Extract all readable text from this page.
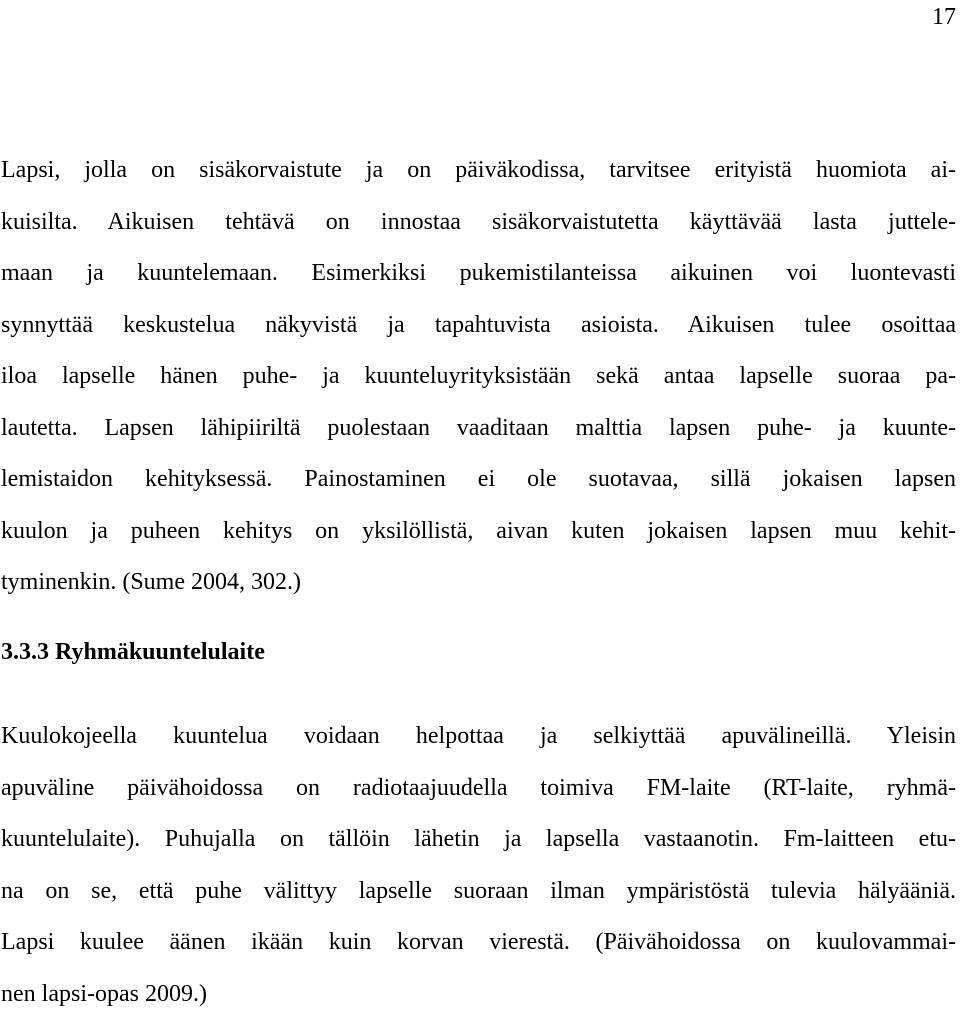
17
Lapsi, jolla on sisäkorvaistute ja on päiväkodissa, tarvitsee erityistä huomiota ai-
kuisilta. Aikuisen tehtävä on innostaa sisäkorvaistutetta käyttävää lasta juttele-
maan ja kuuntelemaan. Esimerkiksi pukemistilanteissa aikuinen voi luontevasti
synnyttää keskustelua näkyvistä ja tapahtuvista asioista. Aikuisen tulee osoittaa
iloa lapselle hänen puhe- ja kuunteluyrityksistään sekä antaa lapselle suoraa pa-
lautetta. Lapsen lähipiiriltä puolestaan vaaditaan malttia lapsen puhe- ja kuunte-
lemistaidon kehityksessä. Painostaminen ei ole suotavaa, sillä jokaisen lapsen
kuulon ja puheen kehitys on yksilöllistä, aivan kuten jokaisen lapsen muu kehit-
tyminenkin. (Sume 2004, 302.)
3.3.3 Ryhmäkuuntelulaite
Kuulokojeella kuuntelua voidaan helpottaa ja selkiyttää apuvälineillä. Yleisin
apuväline päivähoidossa on radiotaajuudella toimiva FM-laite (RT-laite, ryhmä-
kuuntelulaite). Puhujalla on tällöin lähetin ja lapsella vastaanotin. Fm-laitteen etu-
na on se, että puhe välittyy lapselle suoraan ilman ympäristöstä tulevia hälyääniä.
Lapsi kuulee äänen ikään kuin korvan vierestä. (Päivähoidossa on kuulovammai-
nen lapsi-opas 2009.)
